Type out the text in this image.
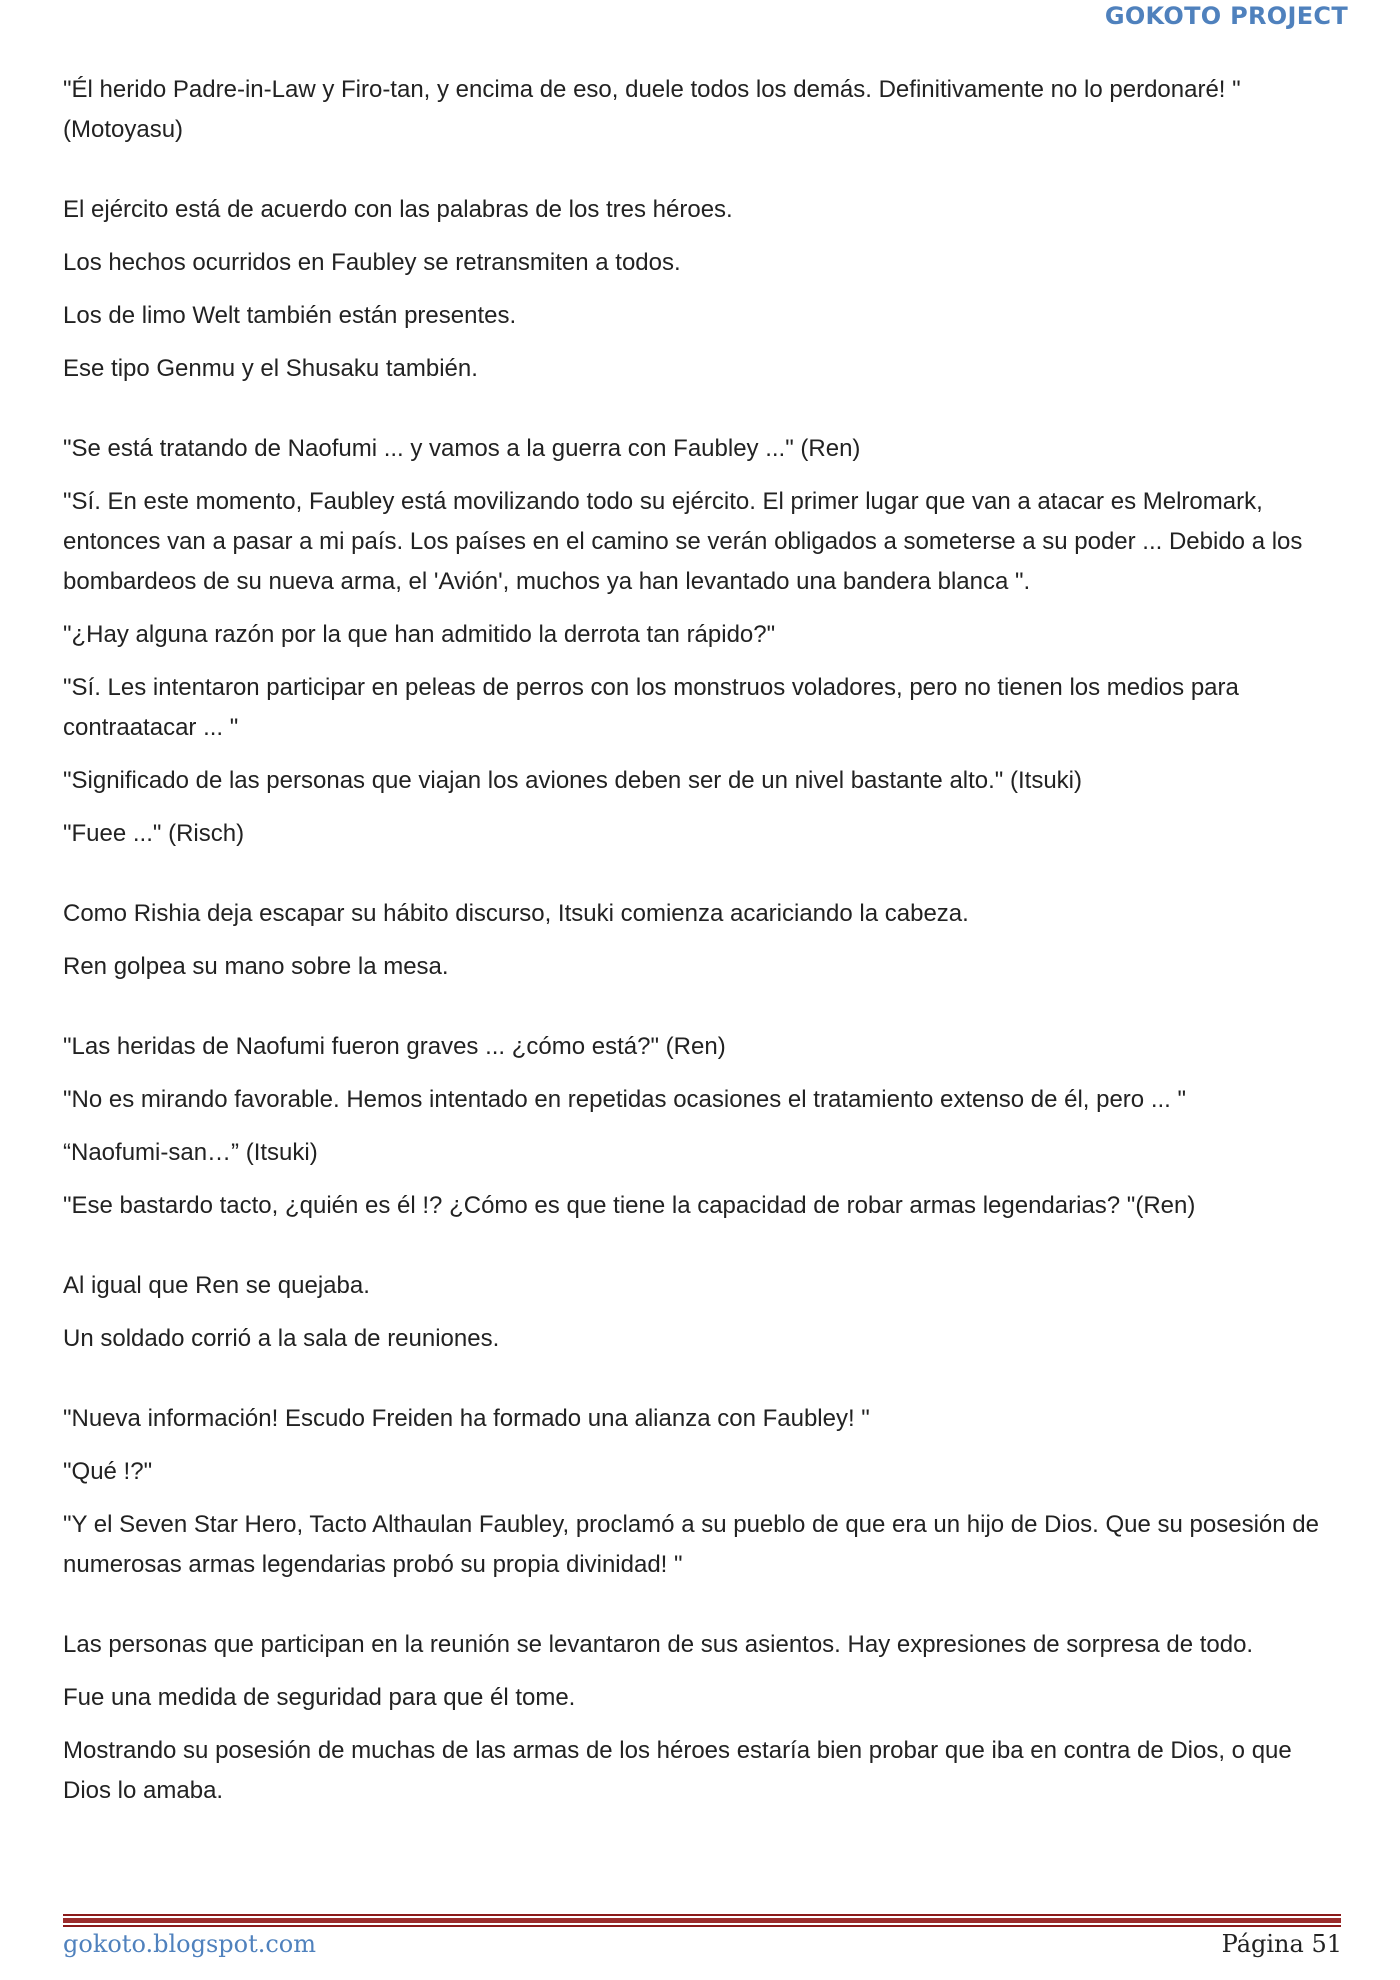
GOKOTO PROJECT

"Él herido Padre-in-Law y Firo-tan, y encima de eso, duele todos los demás. Definitivamente no lo perdonaré! "(Motoyasu)

El ejército está de acuerdo con las palabras de los tres héroes.

Los hechos ocurridos en Faubley se retransmiten a todos.

Los de limo Welt también están presentes.

Ese tipo Genmu y el Shusaku también.

"Se está tratando de Naofumi ... y vamos a la guerra con Faubley ..." (Ren)

"Sí. En este momento, Faubley está movilizando todo su ejército. El primer lugar que van a atacar es Melromark, entonces van a pasar a mi país. Los países en el camino se verán obligados a someterse a su poder ... Debido a los bombardeos de su nueva arma, el 'Avión', muchos ya han levantado una bandera blanca ".

"¿Hay alguna razón por la que han admitido la derrota tan rápido?"

"Sí. Les intentaron participar en peleas de perros con los monstruos voladores, pero no tienen los medios para contraatacar ... "

"Significado de las personas que viajan los aviones deben ser de un nivel bastante alto." (Itsuki)

"Fuee ..." (Risch)

Como Rishia deja escapar su hábito discurso, Itsuki comienza acariciando la cabeza.

Ren golpea su mano sobre la mesa.

"Las heridas de Naofumi fueron graves ... ¿cómo está?" (Ren)

"No es mirando favorable. Hemos intentado en repetidas ocasiones el tratamiento extenso de él, pero ... "

“Naofumi-san…” (Itsuki)

"Ese bastardo tacto, ¿quién es él !? ¿Cómo es que tiene la capacidad de robar armas legendarias? "(Ren)

Al igual que Ren se quejaba.

Un soldado corrió a la sala de reuniones.

"Nueva información! Escudo Freiden ha formado una alianza con Faubley! "

"Qué !?"

"Y el Seven Star Hero, Tacto Althaulan Faubley, proclamó a su pueblo de que era un hijo de Dios. Que su posesión de numerosas armas legendarias probó su propia divinidad! "

Las personas que participan en la reunión se levantaron de sus asientos. Hay expresiones de sorpresa de todo.

Fue una medida de seguridad para que él tome.

Mostrando su posesión de muchas de las armas de los héroes estaría bien probar que iba en contra de Dios, o que Dios lo amaba.

gokoto.blogspot.com	Página 51
